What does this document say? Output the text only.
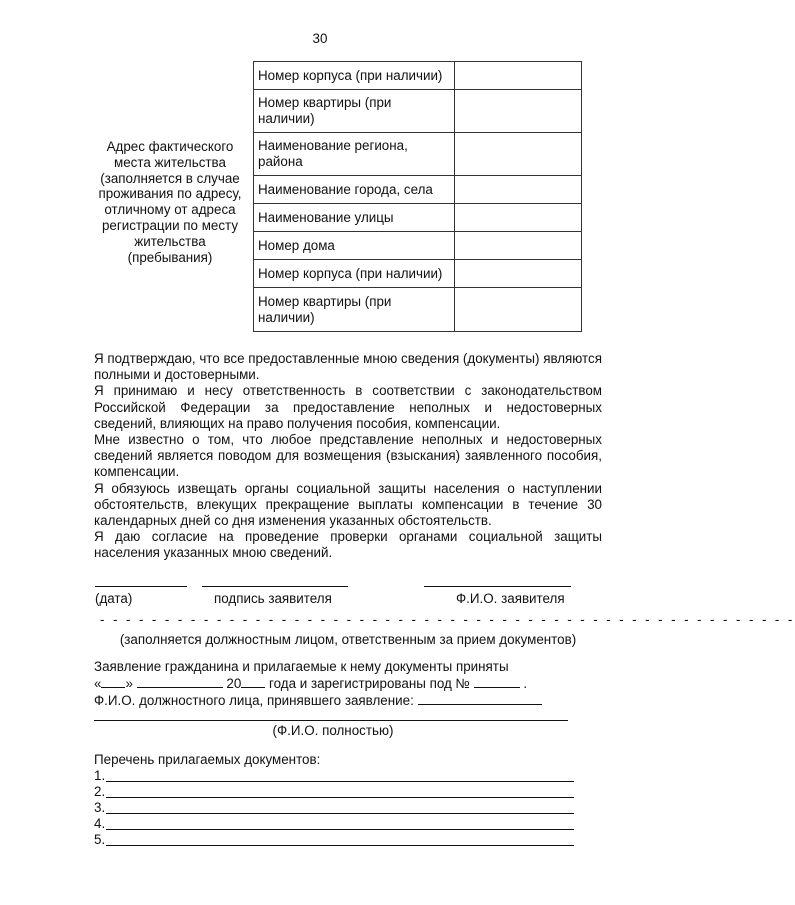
30
Адрес фактического места жительства (заполняется в случае проживания по адресу, отличному от адреса регистрации по месту жительства (пребывания)
Номер корпуса (при наличии)	
Номер квартиры (при наличии)	
Наименование региона, района	
Наименование города, села	
Наименование улицы	
Номер дома	
Номер корпуса (при наличии)	
Номер квартиры (при наличии)	

Я подтверждаю, что все предоставленные мною сведения (документы) являются полными и достоверными.

Я принимаю и несу ответственность в соответствии с законодательством Российской Федерации за предоставление неполных и недостоверных сведений, влияющих на право получения пособия, компенсации.

Мне известно о том, что любое представление неполных и недостоверных сведений является поводом для возмещения (взыскания) заявленного пособия, компенсации.

Я обязуюсь извещать органы социальной защиты населения о наступлении обстоятельств, влекущих прекращение выплаты компенсации в течение 30 календарных дней со дня изменения указанных обстоятельств.

Я даю согласие на проведение проверки органами социальной защиты населения указанных мною сведений.

(дата)	подпись заявителя	Ф.И.О. заявителя
- - - - - - - - - - - - - - - - - - - - - - - - - - - - - - - - - - - - - - - - - - - - - - - - - - - - - -
(заполняется должностным лицом, ответственным за прием документов)
Заявление гражданина и прилагаемые к нему документы приняты
« »	20 года и зарегистрированы под №	.
Ф.И.О. должностного лица, принявшего заявление:
(Ф.И.О. полностью)
Перечень прилагаемых документов:
1.
2.
3.
4.
5.
